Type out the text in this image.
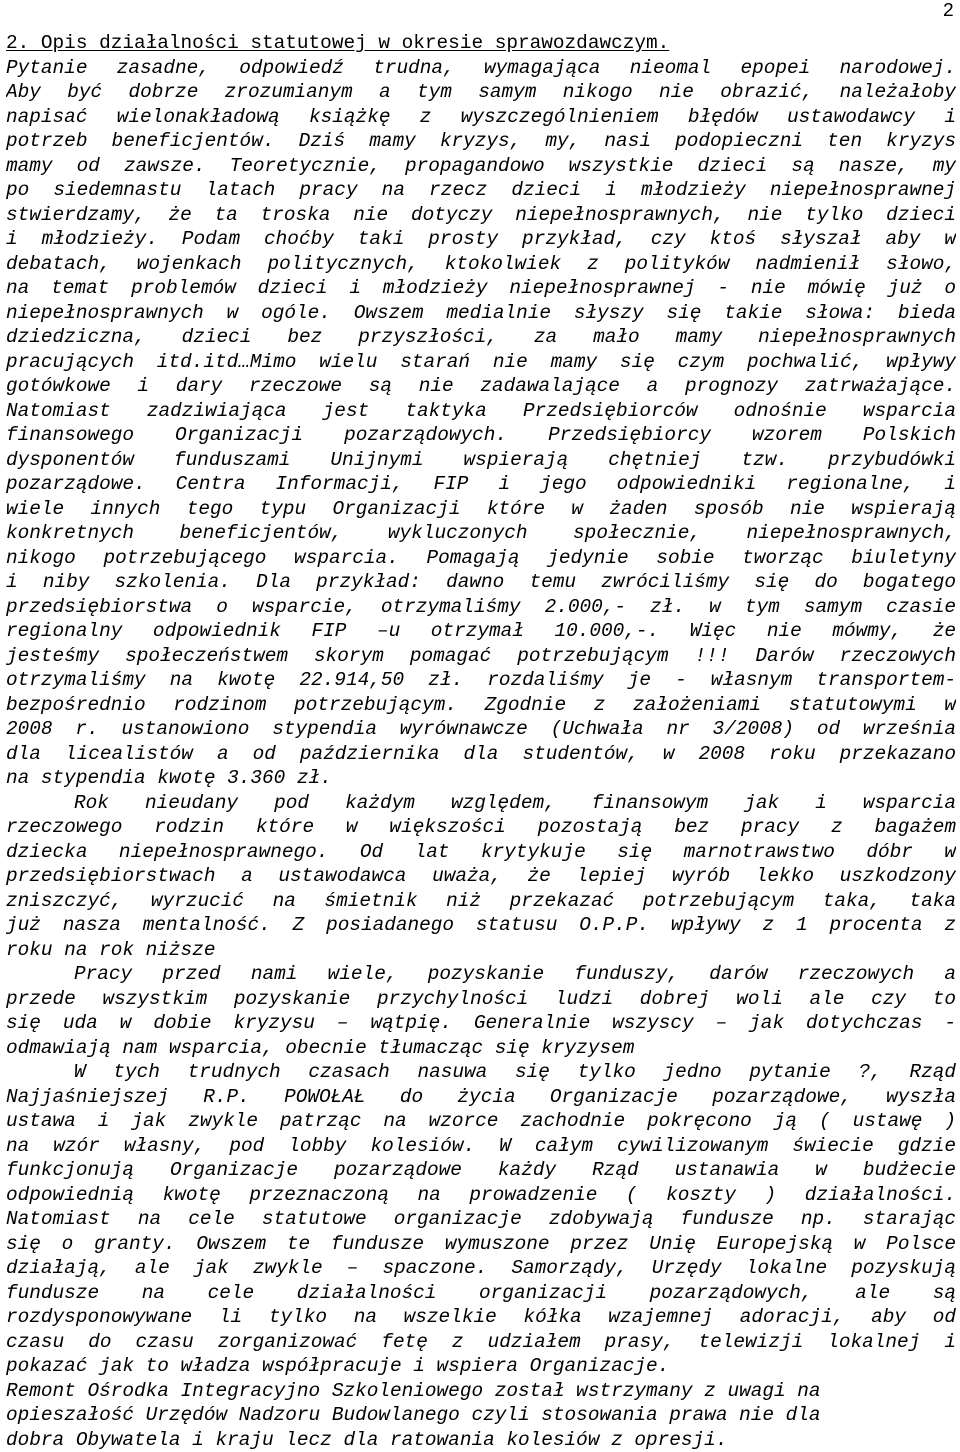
2
2. Opis działalności statutowej w okresie sprawozdawczym.
Pytanie zasadne, odpowiedź trudna, wymagająca nieomal epopei narodowej.
Aby być dobrze zrozumianym a tym samym nikogo nie obrazić, należałoby
napisać wielonakładową książkę z wyszczególnieniem błędów ustawodawcy i
potrzeb beneficjentów. Dziś mamy kryzys, my, nasi podopieczni ten kryzys
mamy od zawsze. Teoretycznie, propagandowo wszystkie dzieci są nasze, my
po siedemnastu latach pracy na rzecz dzieci i młodzieży niepełnosprawnej
stwierdzamy, że ta troska nie dotyczy niepełnosprawnych, nie tylko dzieci
i młodzieży. Podam choćby taki prosty przykład, czy ktoś słyszał aby w
debatach, wojenkach politycznych, ktokolwiek z polityków nadmienił słowo,
na temat problemów dzieci i młodzieży niepełnosprawnej - nie mówię już o
niepełnosprawnych w ogóle. Owszem medialnie słyszy się takie słowa: bieda
dziedziczna, dzieci bez przyszłości, za mało mamy niepełnosprawnych
pracujących itd.itd…Mimo wielu starań nie mamy się czym pochwalić, wpływy
gotówkowe i dary rzeczowe są nie zadawalające a prognozy zatrważające.
Natomiast zadziwiająca jest taktyka Przedsiębiorców odnośnie wsparcia
finansowego Organizacji pozarządowych. Przedsiębiorcy wzorem Polskich
dysponentów funduszami Unijnymi wspierają chętniej tzw. przybudówki
pozarządowe. Centra Informacji, FIP i jego odpowiedniki regionalne, i
wiele innych tego typu Organizacji które w żaden sposób nie wspierają
konkretnych beneficjentów, wykluczonych społecznie, niepełnosprawnych,
nikogo potrzebującego wsparcia. Pomagają jedynie sobie tworząc biuletyny
i niby szkolenia. Dla przykład: dawno temu zwróciliśmy się do bogatego
przedsiębiorstwa o wsparcie, otrzymaliśmy 2.000,- zł. w tym samym czasie
regionalny odpowiednik FIP –u otrzymał 10.000,-. Więc nie mówmy, że
jesteśmy społeczeństwem skorym pomagać potrzebującym !!! Darów rzeczowych
otrzymaliśmy na kwotę 22.914,50 zł. rozdaliśmy je - własnym transportem-
bezpośrednio rodzinom potrzebującym. Zgodnie z założeniami statutowymi w
2008 r. ustanowiono stypendia wyrównawcze (Uchwała nr 3/2008) od września
dla licealistów a od października dla studentów, w 2008 roku przekazano
na stypendia kwotę 3.360 zł.
Rok nieudany pod każdym względem, finansowym jak i wsparcia
rzeczowego rodzin które w większości pozostają bez pracy z bagażem
dziecka niepełnosprawnego. Od lat krytykuje się marnotrawstwo dóbr w
przedsiębiorstwach a ustawodawca uważa, że lepiej wyrób lekko uszkodzony
zniszczyć, wyrzucić na śmietnik niż przekazać potrzebującym taka, taka
już nasza mentalność. Z posiadanego statusu O.P.P. wpływy z 1 procenta z
roku na rok niższe
Pracy przed nami wiele, pozyskanie funduszy, darów rzeczowych a
przede wszystkim pozyskanie przychylności ludzi dobrej woli ale czy to
się uda w dobie kryzysu – wątpię. Generalnie wszyscy – jak dotychczas -
odmawiają nam wsparcia, obecnie tłumacząc się kryzysem
W tych trudnych czasach nasuwa się tylko jedno pytanie ?, Rząd
Najjaśniejszej R.P. POWOŁAŁ do życia Organizacje pozarządowe, wyszła
ustawa i jak zwykle patrząc na wzorce zachodnie pokręcono ją ( ustawę )
na wzór własny, pod lobby kolesiów. W całym cywilizowanym świecie gdzie
funkcjonują Organizacje pozarządowe każdy Rząd ustanawia w budżecie
odpowiednią kwotę przeznaczoną na prowadzenie ( koszty ) działalności.
Natomiast na cele statutowe organizacje zdobywają fundusze np. starając
się o granty. Owszem te fundusze wymuszone przez Unię Europejską w Polsce
działają, ale jak zwykle – spaczone. Samorządy, Urzędy lokalne pozyskują
fundusze na cele działalności organizacji pozarządowych, ale są
rozdysponowywane li tylko na wszelkie kółka wzajemnej adoracji, aby od
czasu do czasu zorganizować fetę z udziałem prasy, telewizji lokalnej i
pokazać jak to władza współpracuje i wspiera Organizacje.
Remont Ośrodka Integracyjno Szkoleniowego został wstrzymany z uwagi na
opieszałość Urzędów Nadzoru Budowlanego czyli stosowania prawa nie dla
dobra Obywatela i kraju lecz dla ratowania kolesiów z opresji.
